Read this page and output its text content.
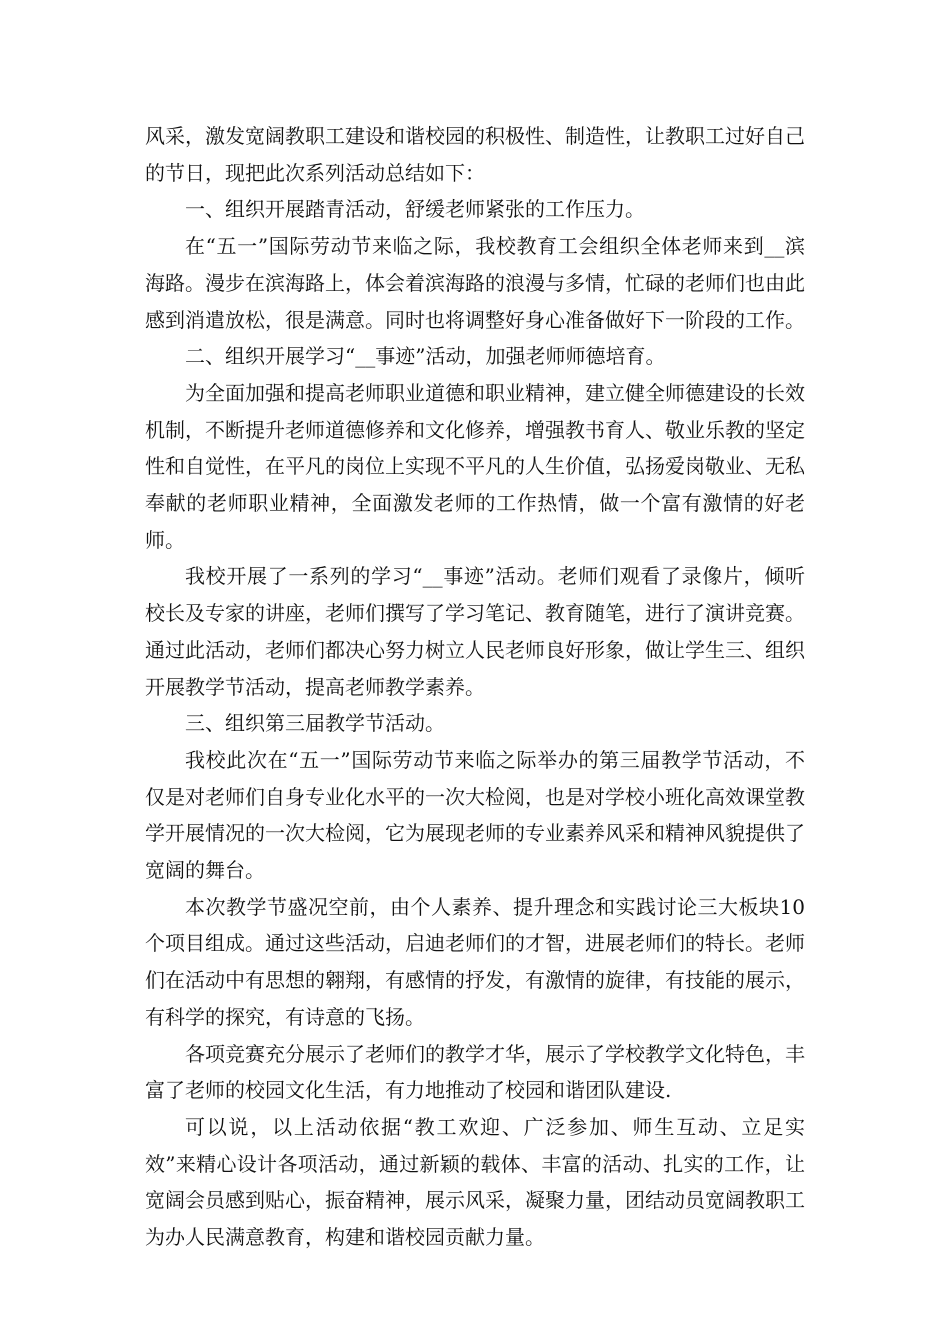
风采，激发宽阔教职工建设和谐校园的积极性、制造性，让教职工过好自己的节日，现把此次系列活动总结如下：

一、组织开展踏青活动，舒缓老师紧张的工作压力。

在“五一”国际劳动节来临之际，我校教育工会组织全体老师来到__滨海路。漫步在滨海路上，体会着滨海路的浪漫与多情，忙碌的老师们也由此感到消遣放松，很是满意。同时也将调整好身心准备做好下一阶段的工作。

二、组织开展学习“__事迹”活动，加强老师师德培育。

为全面加强和提高老师职业道德和职业精神，建立健全师德建设的长效机制，不断提升老师道德修养和文化修养，增强教书育人、敬业乐教的坚定性和自觉性，在平凡的岗位上实现不平凡的人生价值，弘扬爱岗敬业、无私奉献的老师职业精神，全面激发老师的工作热情，做一个富有激情的好老师。

我校开展了一系列的学习“__事迹”活动。老师们观看了录像片，倾听校长及专家的讲座，老师们撰写了学习笔记、教育随笔，进行了演讲竞赛。通过此活动，老师们都决心努力树立人民老师良好形象，做让学生三、组织开展教学节活动，提高老师教学素养。

三、组织第三届教学节活动。

我校此次在“五一”国际劳动节来临之际举办的第三届教学节活动，不仅是对老师们自身专业化水平的一次大检阅，也是对学校小班化高效课堂教学开展情况的一次大检阅，它为展现老师的专业素养风采和精神风貌提供了宽阔的舞台。

本次教学节盛况空前，由个人素养、提升理念和实践讨论三大板块10个项目组成。通过这些活动，启迪老师们的才智，进展老师们的特长。老师们在活动中有思想的翱翔，有感情的抒发，有激情的旋律，有技能的展示，有科学的探究，有诗意的飞扬。

各项竞赛充分展示了老师们的教学才华，展示了学校教学文化特色，丰富了老师的校园文化生活，有力地推动了校园和谐团队建设.

可以说，以上活动依据“教工欢迎、广泛参加、师生互动、立足实效”来精心设计各项活动，通过新颖的载体、丰富的活动、扎实的工作，让宽阔会员感到贴心，振奋精神，展示风采，凝聚力量，团结动员宽阔教职工为办人民满意教育，构建和谐校园贡献力量。
